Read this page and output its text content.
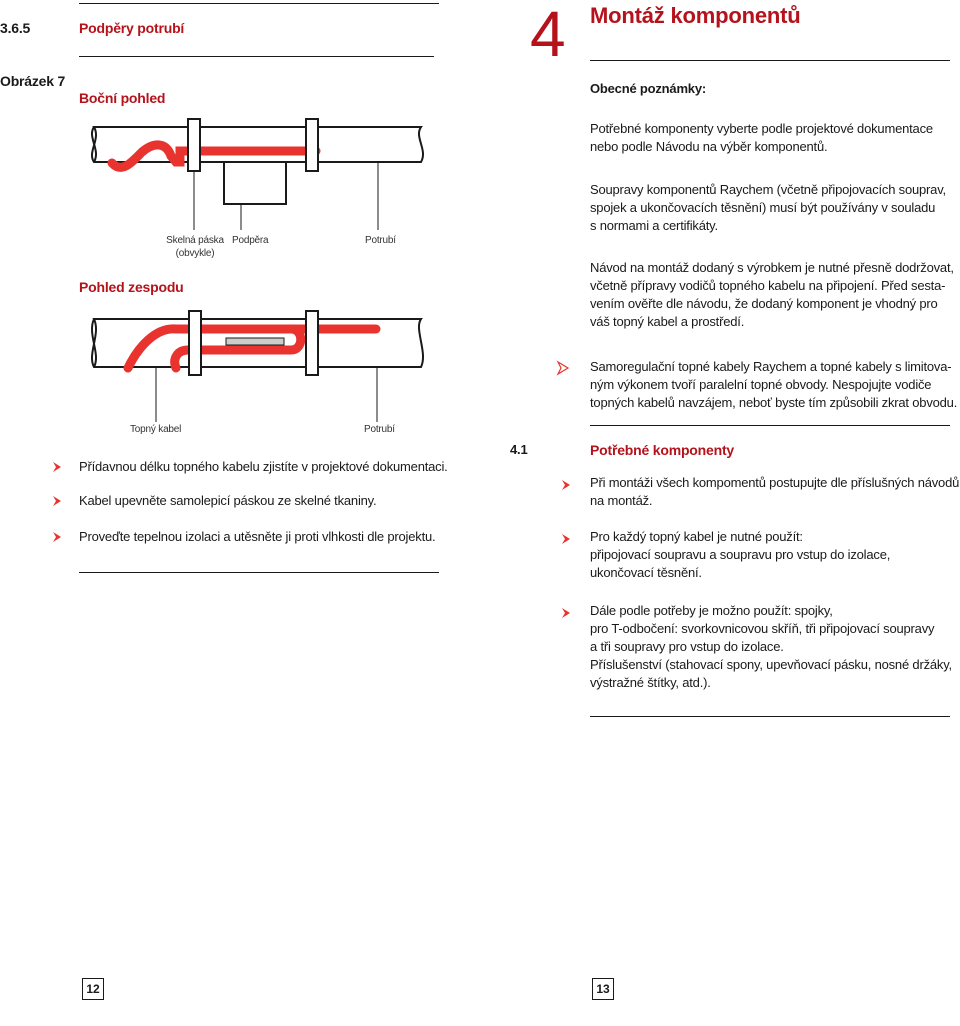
3.6.5	Podpěry potrubí
Obrázek 7
Boční pohled
Skelná páska
(obvykle)
Podpěra	Potrubí
Pohled zespodu
Topný kabel	Potrubí
Přídavnou délku topného kabelu zjistíte v projektové dokumentaci.
Kabel upevněte samolepicí páskou ze skelné tkaniny.
Proveďte tepelnou izolaci a utěsněte ji proti vlhkosti dle projektu.
12
4 Montáž komponentů
Obecné poznámky:
Potřebné komponenty vyberte podle projektové dokumentace nebo podle Návodu na výběr komponentů.
Soupravy komponentů Raychem (včetně připojovacích souprav,
spojek a ukončovacích těsnění) musí být používány v souladu
s normami a certifikáty.
Návod na montáž dodaný s výrobkem je nutné přesně dodržovat,
včetně přípravy vodičů topného kabelu na připojení. Před sesta-
vením ověřte dle návodu, že dodaný komponent je vhodný pro
váš topný kabel a prostředí.
Samoregulační topné kabely Raychem a topné kabely s limitova-
ným výkonem tvoří paralelní topné obvody. Nespojujte vodiče
topných kabelů navzájem, neboť byste tím způsobili zkrat obvodu.
4.1	Potřebné komponenty
Při montáži všech kompomentů postupujte dle příslušných návodů
na montáž.
Pro každý topný kabel je nutné použít:
připojovací soupravu a soupravu pro vstup do izolace,
ukončovací těsnění.
Dále podle potřeby je možno použít: spojky,
pro T-odbočení: svorkovnicovou skříň, tři připojovací soupravy
a tři soupravy pro vstup do izolace.
Příslušenství (stahovací spony, upevňovací pásku, nosné držáky,
výstražné štítky, atd.).
13
